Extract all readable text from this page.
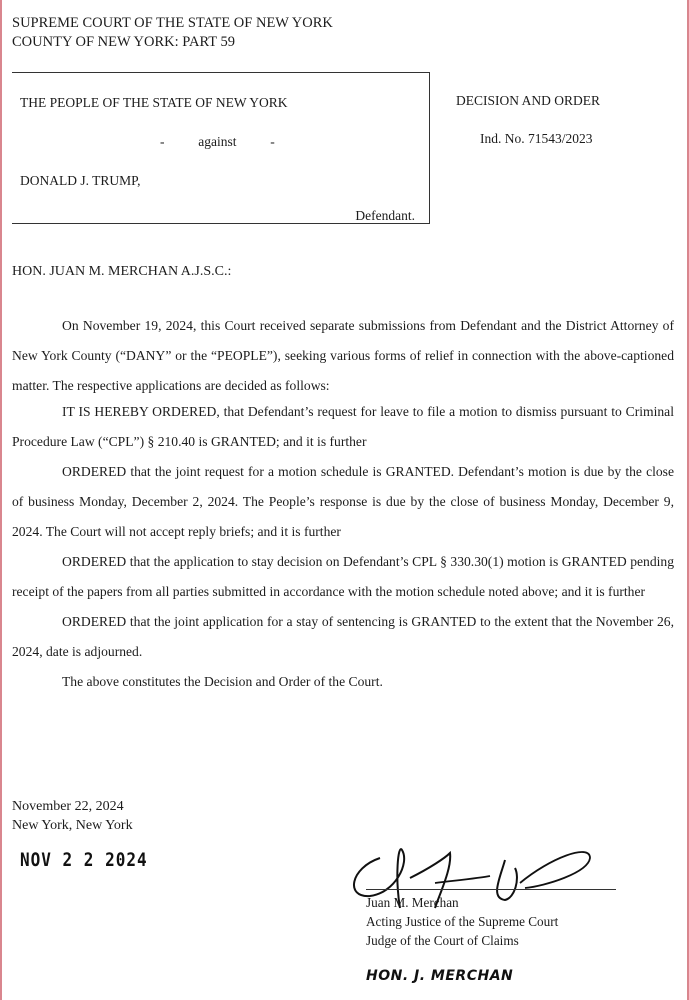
SUPREME COURT OF THE STATE OF NEW YORK
COUNTY OF NEW YORK: PART 59
THE PEOPLE OF THE STATE OF NEW YORK
-          against          -
DONALD J. TRUMP,
Defendant.
DECISION AND ORDER
Ind. No. 71543/2023
HON. JUAN M. MERCHAN A.J.S.C.:

On November 19, 2024, this Court received separate submissions from Defendant and the District Attorney of New York County (“DANY” or the “PEOPLE”), seeking various forms of relief in connection with the above-captioned matter. The respective applications are decided as follows:

IT IS HEREBY ORDERED, that Defendant’s request for leave to file a motion to dismiss pursuant to Criminal Procedure Law (“CPL”) § 210.40 is GRANTED; and it is further

ORDERED that the joint request for a motion schedule is GRANTED. Defendant’s motion is due by the close of business Monday, December 2, 2024. The People’s response is due by the close of business Monday, December 9, 2024. The Court will not accept reply briefs; and it is further

ORDERED that the application to stay decision on Defendant’s CPL § 330.30(1) motion is GRANTED pending receipt of the papers from all parties submitted in accordance with the motion schedule noted above; and it is further

ORDERED that the joint application for a stay of sentencing is GRANTED to the extent that the November 26, 2024, date is adjourned.

The above constitutes the Decision and Order of the Court.

November 22, 2024
New York, New York
NOV 2 2 2024
Juan M. Merchan
Acting Justice of the Supreme Court
Judge of the Court of Claims
HON. J. MERCHAN
